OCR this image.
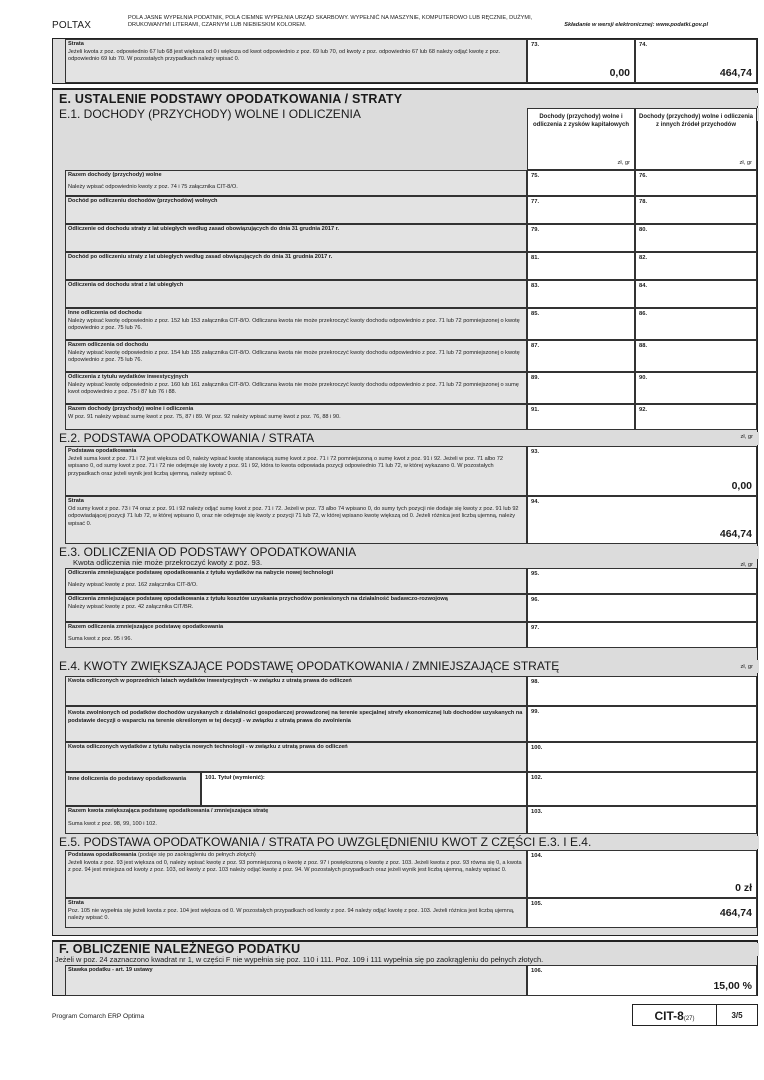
POLTAX
POLA JASNE WYPEŁNIA PODATNIK, POLA CIEMNE WYPEŁNIA URZĄD SKARBOWY. WYPEŁNIĆ NA MASZYNIE, KOMPUTEROWO LUB RĘCZNIE, DUŻYMI,
DRUKOWANYMI LITERAMI, CZARNYM LUB NIEBIESKIM KOLOREM.	Składanie w wersji elektronicznej: www.podatki.gov.pl
Strata
Jeżeli kwota z poz. odpowiednio 67 lub 68 jest większa od 0 i większa od kwot odpowiednio z poz. 69 lub 70, od kwoty z poz. odpowiednio 67 lub 68 należy odjąć kwotę z poz. odpowiednio 69 lub 70. W pozostałych przypadkach należy wpisać 0.
73.
0,00
74.
464,74
E. USTALENIE PODSTAWY OPODATKOWANIA / STRATY
E.1. DOCHODY (PRZYCHODY) WOLNE I ODLICZENIA	Dochody (przychody) wolne i odliczenia z zysków kapitałowych
zł, gr
Dochody (przychody) wolne i odliczenia z innych źródeł przychodów
zł, gr
Razem dochody (przychody) wolne
Należy wpisać odpowiednio kwoty z poz. 74 i 75 załącznika CIT-8/O.
75.	76.
Dochód po odliczeniu dochodów (przychodów) wolnych	77.	78.
Odliczenie od dochodu straty z lat ubiegłych według zasad obowiązujących do dnia 31 grudnia 2017 r.	79.	80.
Dochód po odliczeniu straty z lat ubiegłych według zasad obwiązujących do dnia 31 grudnia 2017 r.	81.	82.
Odliczenia od dochodu strat z lat ubiegłych	83.	84.
Inne odliczenia od dochodu
Należy wpisać kwotę odpowiednio z poz. 152 lub 153 załącznika CIT-8/O. Odliczana kwota nie może przekroczyć kwoty dochodu odpowiednio z poz. 71 lub 72 pomniejszonej o kwotę odpowiednio z poz. 75 lub 76.
85.	86.
Razem odliczenia od dochodu
Należy wpisać kwotę odpowiednio z poz. 154 lub 155 załącznika CIT-8/O. Odliczana kwota nie może przekroczyć kwoty dochodu odpowiednio z poz. 71 lub 72 pomniejszonej o kwotę odpowiednio z poz. 75 lub 76.
87.	88.
Odliczenia z tytułu wydatków inwestycyjnych
Należy wpisać kwotę odpowiednio z poz. 160 lub 161 załącznika CIT-8/O. Odliczana kwota nie może przekroczyć kwoty dochodu odpowiednio z poz. 71 lub 72 pomniejszonej o sumę kwot odpowiednio z poz. 75 i 87 lub 76 i 88.
89.	90.
Razem dochody (przychody) wolne i odliczenia
W poz. 91 należy wpisać sumę kwot z poz. 75, 87 i 89. W poz. 92 należy wpisać sumę kwot z poz. 76, 88 i 90.
91.	92.
E.2. PODSTAWA OPODATKOWANIA / STRATA	zł, gr
Podstawa opodatkowania
Jeżeli suma kwot z poz. 71 i 72 jest większa od 0, należy wpisać kwotę stanowiącą sumę kwot z poz. 71 i 72 pomniejszoną o sumę kwot z poz. 91 i 92. Jeżeli w poz. 71 albo 72 wpisano 0, od sumy kwot z poz. 71 i 72 nie odejmuje się kwoty z poz. 91 i 92, która to kwota odpowiada pozycji odpowiednio 71 lub 72, w której wykazano 0. W pozostałych przypadkach oraz jeżeli wynik jest liczbą ujemną, należy wpisać 0.
93.
0,00
Strata
Od sumy kwot z poz. 73 i 74 oraz z poz. 91 i 92 należy odjąć sumę kwot z poz. 71 i 72. Jeżeli w poz. 73 albo 74 wpisano 0, do sumy tych pozycji nie dodaje się kwoty z poz. 91 lub 92 odpowiadającej pozycji 71 lub 72, w której wpisano 0, oraz nie odejmuje się kwoty z pozycji 71 lub 72, w której wpisano kwotę większą od 0. Jeżeli różnica jest liczbą ujemną, należy wpisać 0.
94.
464,74
E.3. ODLICZENIA OD PODSTAWY OPODATKOWANIA
Kwota odliczenia nie może przekroczyć kwoty z poz. 93.	zł, gr
Odliczenia zmniejszające podstawę opodatkowania z tytułu wydatków na nabycie nowej technologii
Należy wpisać kwotę z poz. 162 załącznika CIT-8/O.
95.
Odliczenia zmniejszające podstawę opodatkowania z tytułu kosztów uzyskania przychodów poniesionych na działalność badawczo-rozwojową
Należy wpisać kwotę z poz. 42 załącznika CIT/BR.
96.
Razem odliczenia zmniejszające podstawę opodatkowania
Suma kwot z poz. 95 i 96.
97.
E.4. KWOTY ZWIĘKSZAJĄCE PODSTAWĘ OPODATKOWANIA / ZMNIEJSZAJĄCE STRATĘ	zł, gr
Kwota odliczonych w poprzednich latach wydatków inwestycyjnych - w związku z utratą prawa do odliczeń	98.
Kwota zwolnionych od podatków dochodów uzyskanych z działalności gospodarczej prowadzonej na terenie specjalnej strefy ekonomicznej lub dochodów uzyskanych na podstawie decyzji o wsparciu na terenie określonym w tej decyzji - w związku z utratą prawa do zwolnienia
99.
Kwota odliczonych wydatków z tytułu nabycia nowych technologii - w związku z utratą prawa do odliczeń	100.
Inne doliczenia do podstawy opodatkowania	101. Tytuł (wymienić):	102.
Razem kwota zwiększająca podstawę opodatkowania / zmniejszająca stratę
Suma kwot z poz. 98, 99, 100 i 102.
103.
E.5. PODSTAWA OPODATKOWANIA / STRATA PO UWZGLĘDNIENIU KWOT Z CZĘŚCI E.3. I E.4.
Podstawa opodatkowania (podaje się po zaokrągleniu do pełnych złotych)
Jeżeli kwota z poz. 93 jest większa od 0, należy wpisać kwotę z poz. 93 pomniejszoną o kwotę z poz. 97 i powiększoną o kwotę z poz. 103. Jeżeli kwota z poz. 93 równa się 0, a kwota z poz. 94 jest mniejsza od kwoty z poz. 103, od kwoty z poz. 103 należy odjąć kwotę z poz. 94. W pozostałych przypadkach oraz jeżeli wynik jest liczbą ujemną, należy wpisać 0.
104.
0 zł
Strata
Poz. 105 nie wypełnia się jeżeli kwota z poz. 104 jest większa od 0. W pozostałych przypadkach od kwoty z poz. 94 należy odjąć kwotę z poz. 103. Jeżeli różnica jest liczbą ujemną, należy wpisać 0.
105.
464,74
F. OBLICZENIE NALEŻNEGO PODATKU
Jeżeli w poz. 24 zaznaczono kwadrat nr 1, w części F nie wypełnia się poz. 110 i 111. Poz. 109 i 111 wypełnia się po zaokrągleniu do pełnych złotych.
Stawka podatku - art. 19 ustawy	106.
15,00 %
Program Comarch ERP Optima	CIT-8(27)	3/5
